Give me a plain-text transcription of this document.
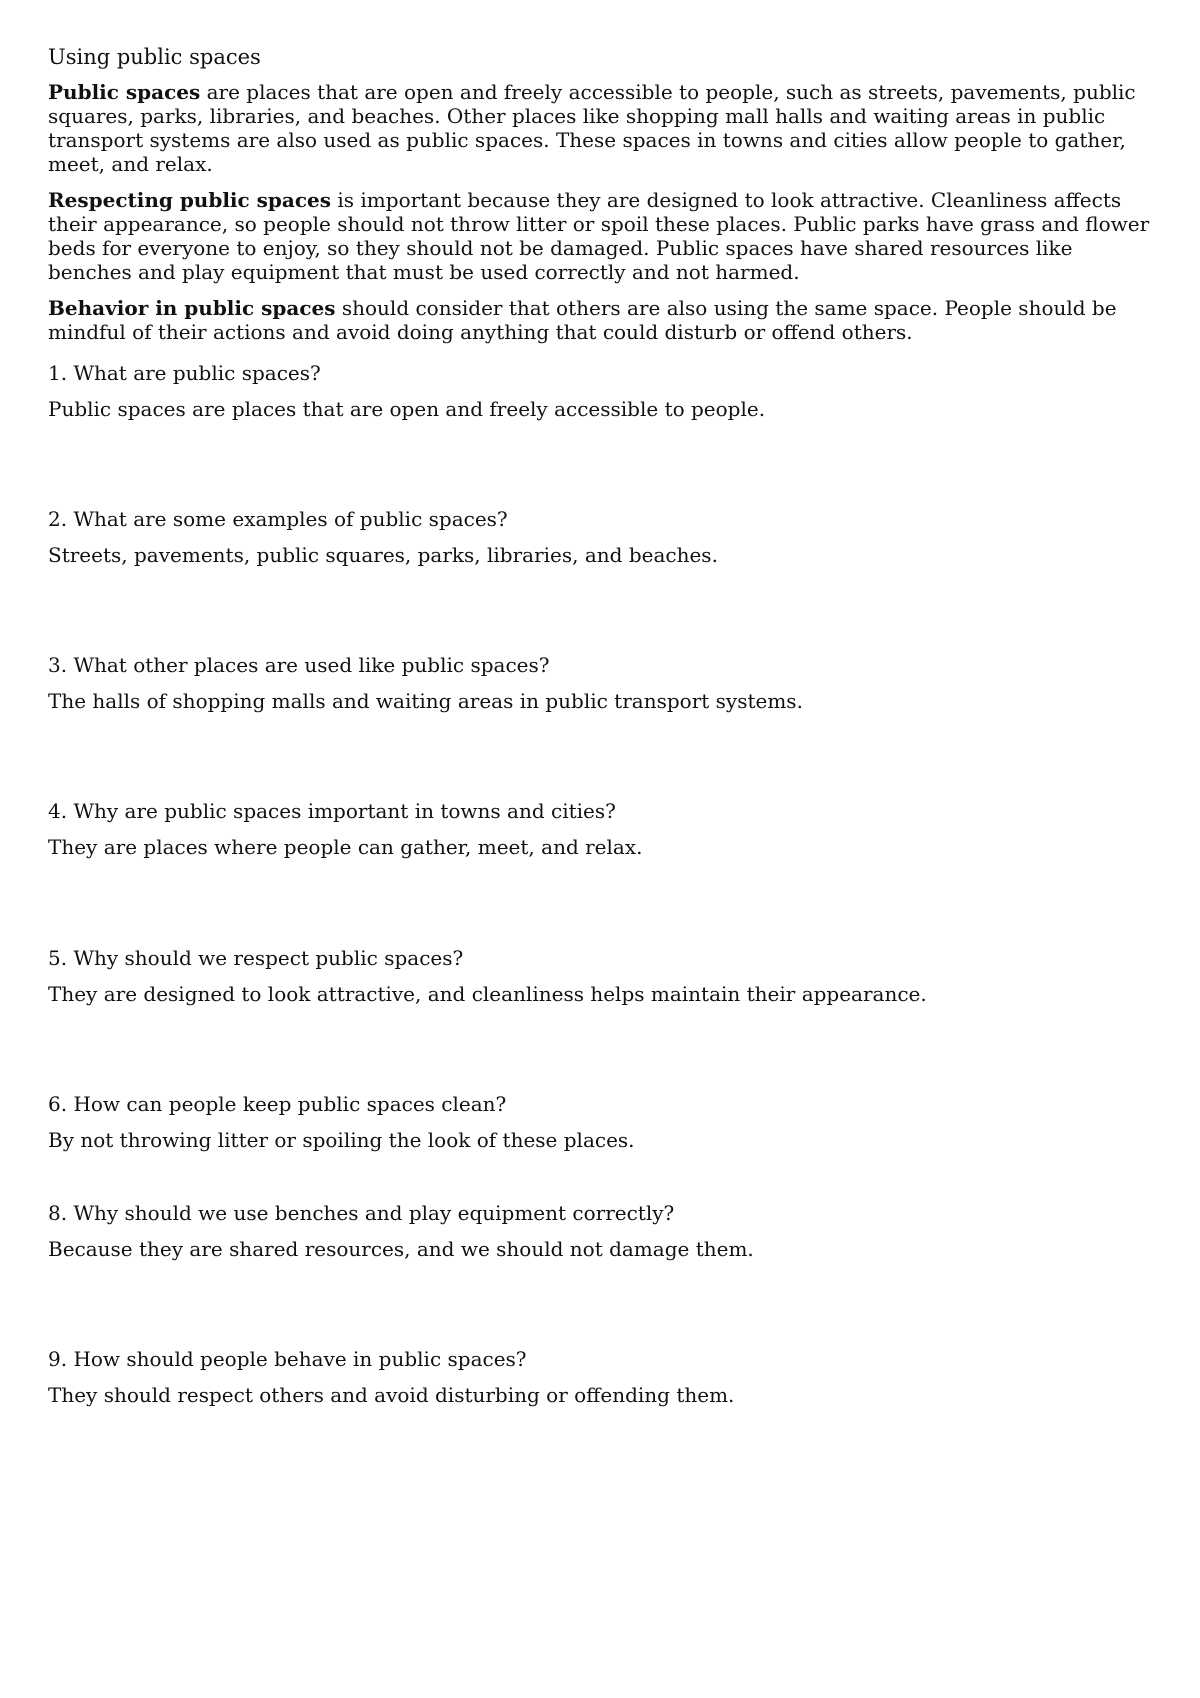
Using public spaces

Public spaces are places that are open and freely accessible to people, such as streets, pavements, public squares, parks, libraries, and beaches. Other places like shopping mall halls and waiting areas in public transport systems are also used as public spaces. These spaces in towns and cities allow people to gather, meet, and relax.

Respecting public spaces is important because they are designed to look attractive. Cleanliness affects their appearance, so people should not throw litter or spoil these places. Public parks have grass and flower beds for everyone to enjoy, so they should not be damaged. Public spaces have shared resources like benches and play equipment that must be used correctly and not harmed.

Behavior in public spaces should consider that others are also using the same space. People should be mindful of their actions and avoid doing anything that could disturb or offend others.

1. What are public spaces?

Public spaces are places that are open and freely accessible to people.

2. What are some examples of public spaces?

Streets, pavements, public squares, parks, libraries, and beaches.

3. What other places are used like public spaces?

The halls of shopping malls and waiting areas in public transport systems.

4. Why are public spaces important in towns and cities?

They are places where people can gather, meet, and relax.

5. Why should we respect public spaces?

They are designed to look attractive, and cleanliness helps maintain their appearance.

6. How can people keep public spaces clean?

By not throwing litter or spoiling the look of these places.

8. Why should we use benches and play equipment correctly?

Because they are shared resources, and we should not damage them.

9. How should people behave in public spaces?

They should respect others and avoid disturbing or offending them.
